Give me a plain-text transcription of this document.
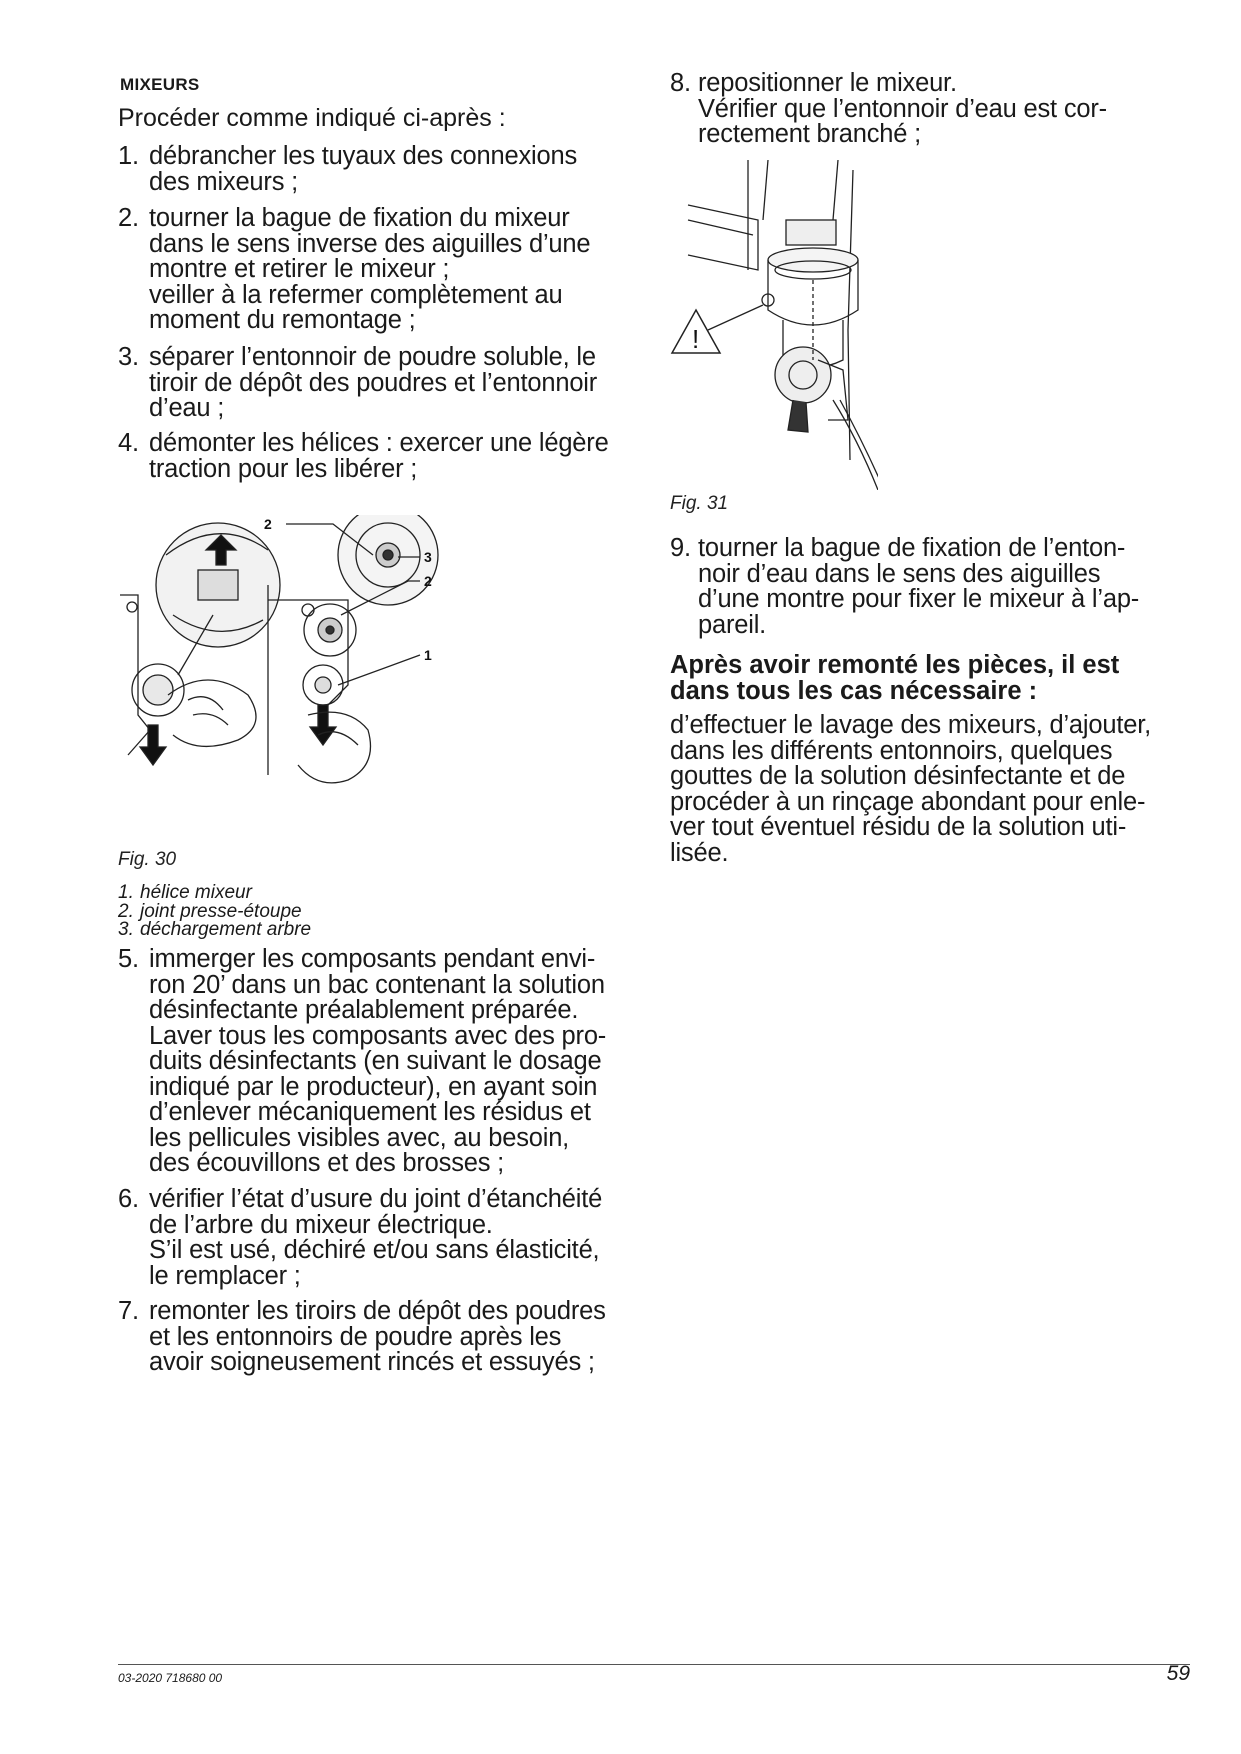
MIXEURS
Procéder comme indiqué ci-après :
1. débrancher les tuyaux des connexions
des mixeurs ;
2. tourner la bague de fixation du mixeur
dans le sens inverse des aiguilles d’une
montre et retirer le mixeur ;
veiller à la refermer complètement au
moment du remontage ;
3. séparer l’entonnoir de poudre soluble, le
tiroir de dépôt des poudres et l’entonnoir
d’eau ;
4. démonter les hélices : exercer une légère
traction pour les libérer ;
2
3
2
1
Fig. 30
1. hélice mixeur
2. joint presse-étoupe
3. déchargement arbre
5. immerger les composants pendant envi-
ron 20’ dans un bac contenant la solution
désinfectante préalablement préparée.
Laver tous les composants avec des pro-
duits désinfectants (en suivant le dosage
indiqué par le producteur), en ayant soin
d’enlever mécaniquement les résidus et
les pellicules visibles avec, au besoin,
des écouvillons et des brosses ;
6. vérifier l’état d’usure du joint d’étanchéité
de l’arbre du mixeur électrique.
S’il est usé, déchiré et/ou sans élasticité,
le remplacer ;
7. remonter les tiroirs de dépôt des poudres
et les entonnoirs de poudre après les
avoir soigneusement rincés et essuyés ;
8. repositionner le mixeur.
Vérifier que l’entonnoir d’eau est cor-
rectement branché ;
!
Fig. 31
9. tourner la bague de fixation de l’enton-
noir d’eau dans le sens des aiguilles
d’une montre pour fixer le mixeur à l’ap-
pareil.
Après avoir remonté les pièces, il est
dans tous les cas nécessaire :
d’effectuer le lavage des mixeurs, d’ajouter,
dans les différents entonnoirs, quelques
gouttes de la solution désinfectante et de
procéder à un rinçage abondant pour enle-
ver tout éventuel résidu de la solution uti-
lisée.
03-2020 718680 00	59
